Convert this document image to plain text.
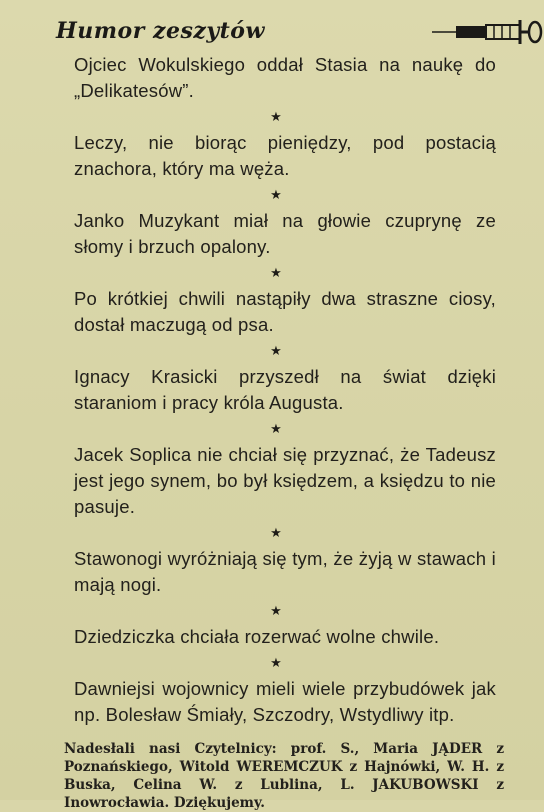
Humor zeszytów

Ojciec Wokulskiego oddał Stasia na naukę do „Delikatesów”.

★

Leczy, nie biorąc pieniędzy, pod postacią znachora, który ma węża.

★

Janko Muzykant miał na głowie czuprynę ze słomy i brzuch opalony.

★

Po krótkiej chwili nastąpiły dwa straszne ciosy, dostał maczugą od psa.

★

Ignacy Krasicki przyszedł na świat dzięki staraniom i pracy króla Augusta.

★

Jacek Soplica nie chciał się przyznać, że Tadeusz jest jego synem, bo był księdzem, a księdzu to nie pasuje.

★

Stawonogi wyróżniają się tym, że żyją w stawach i mają nogi.

★

Dziedziczka chciała rozerwać wolne chwile.

★

Dawniejsi wojownicy mieli wiele przybudówek jak np. Bolesław Śmiały, Szczodry, Wstydliwy itp.

Nadesłali nasi Czytelnicy: prof. S., Maria JĄDER z Poznańskiego, Witold WEREMCZUK z Hajnówki, W. H. z Buska, Celina W. z Lublina, L. JAKUBOWSKI z Inowrocławia. Dziękujemy.
